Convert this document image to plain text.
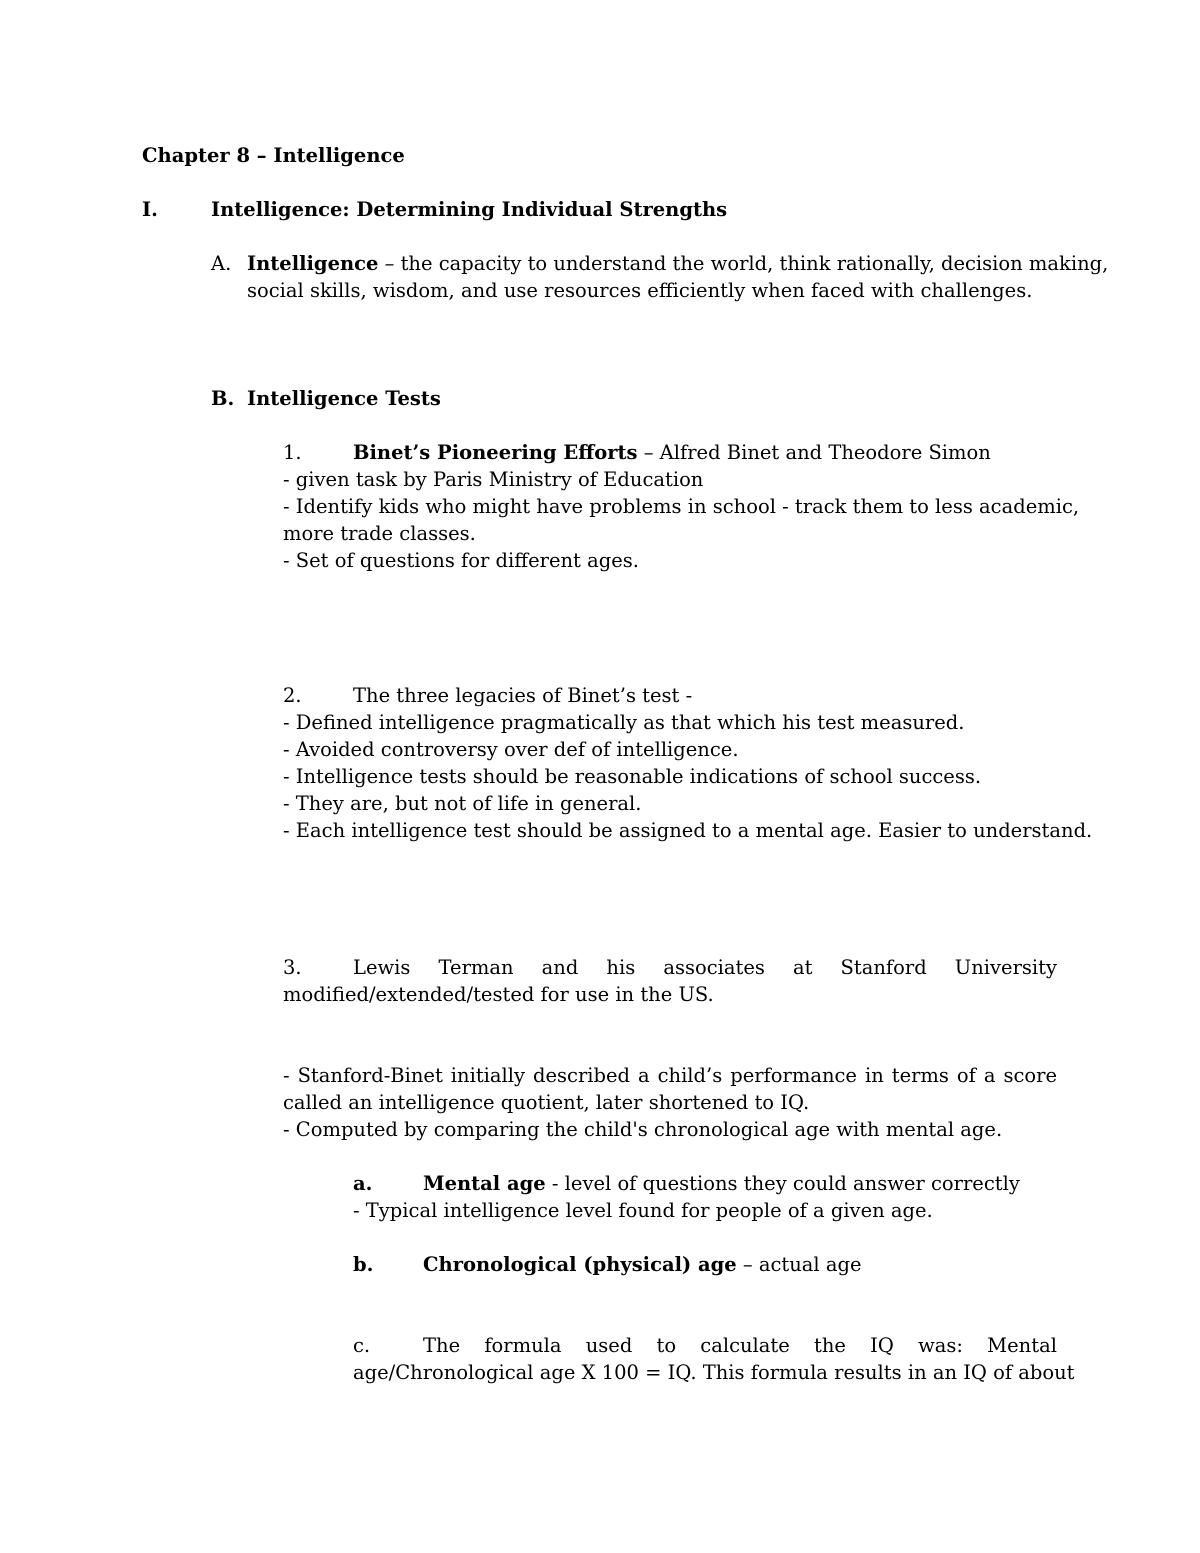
Chapter 8 – Intelligence
I.	Intelligence: Determining Individual Strengths
A. Intelligence – the capacity to understand the world, think rationally, decision making,
social skills, wisdom, and use resources efficiently when faced with challenges.
B. Intelligence Tests
1.	Binet’s Pioneering Efforts – Alfred Binet and Theodore Simon
- given task by Paris Ministry of Education
- Identify kids who might have problems in school - track them to less academic,
more trade classes.
- Set of questions for different ages.
2.	The three legacies of Binet’s test -
- Defined intelligence pragmatically as that which his test measured.
- Avoided controversy over def of intelligence.
- Intelligence tests should be reasonable indications of school success.
- They are, but not of life in general.
- Each intelligence test should be assigned to a mental age. Easier to understand.
3.	Lewis Terman and his associates at Stanford University
modified/extended/tested for use in the US.
- Stanford-Binet initially described a child’s performance in terms of a score
called an intelligence quotient, later shortened to IQ.
- Computed by comparing the child's chronological age with mental age.
a.	Mental age - level of questions they could answer correctly
- Typical intelligence level found for people of a given age.
b.	Chronological (physical) age – actual age
c.	The formula used to calculate the IQ was: Mental
age/Chronological age X 100 = IQ. This formula results in an IQ of about
